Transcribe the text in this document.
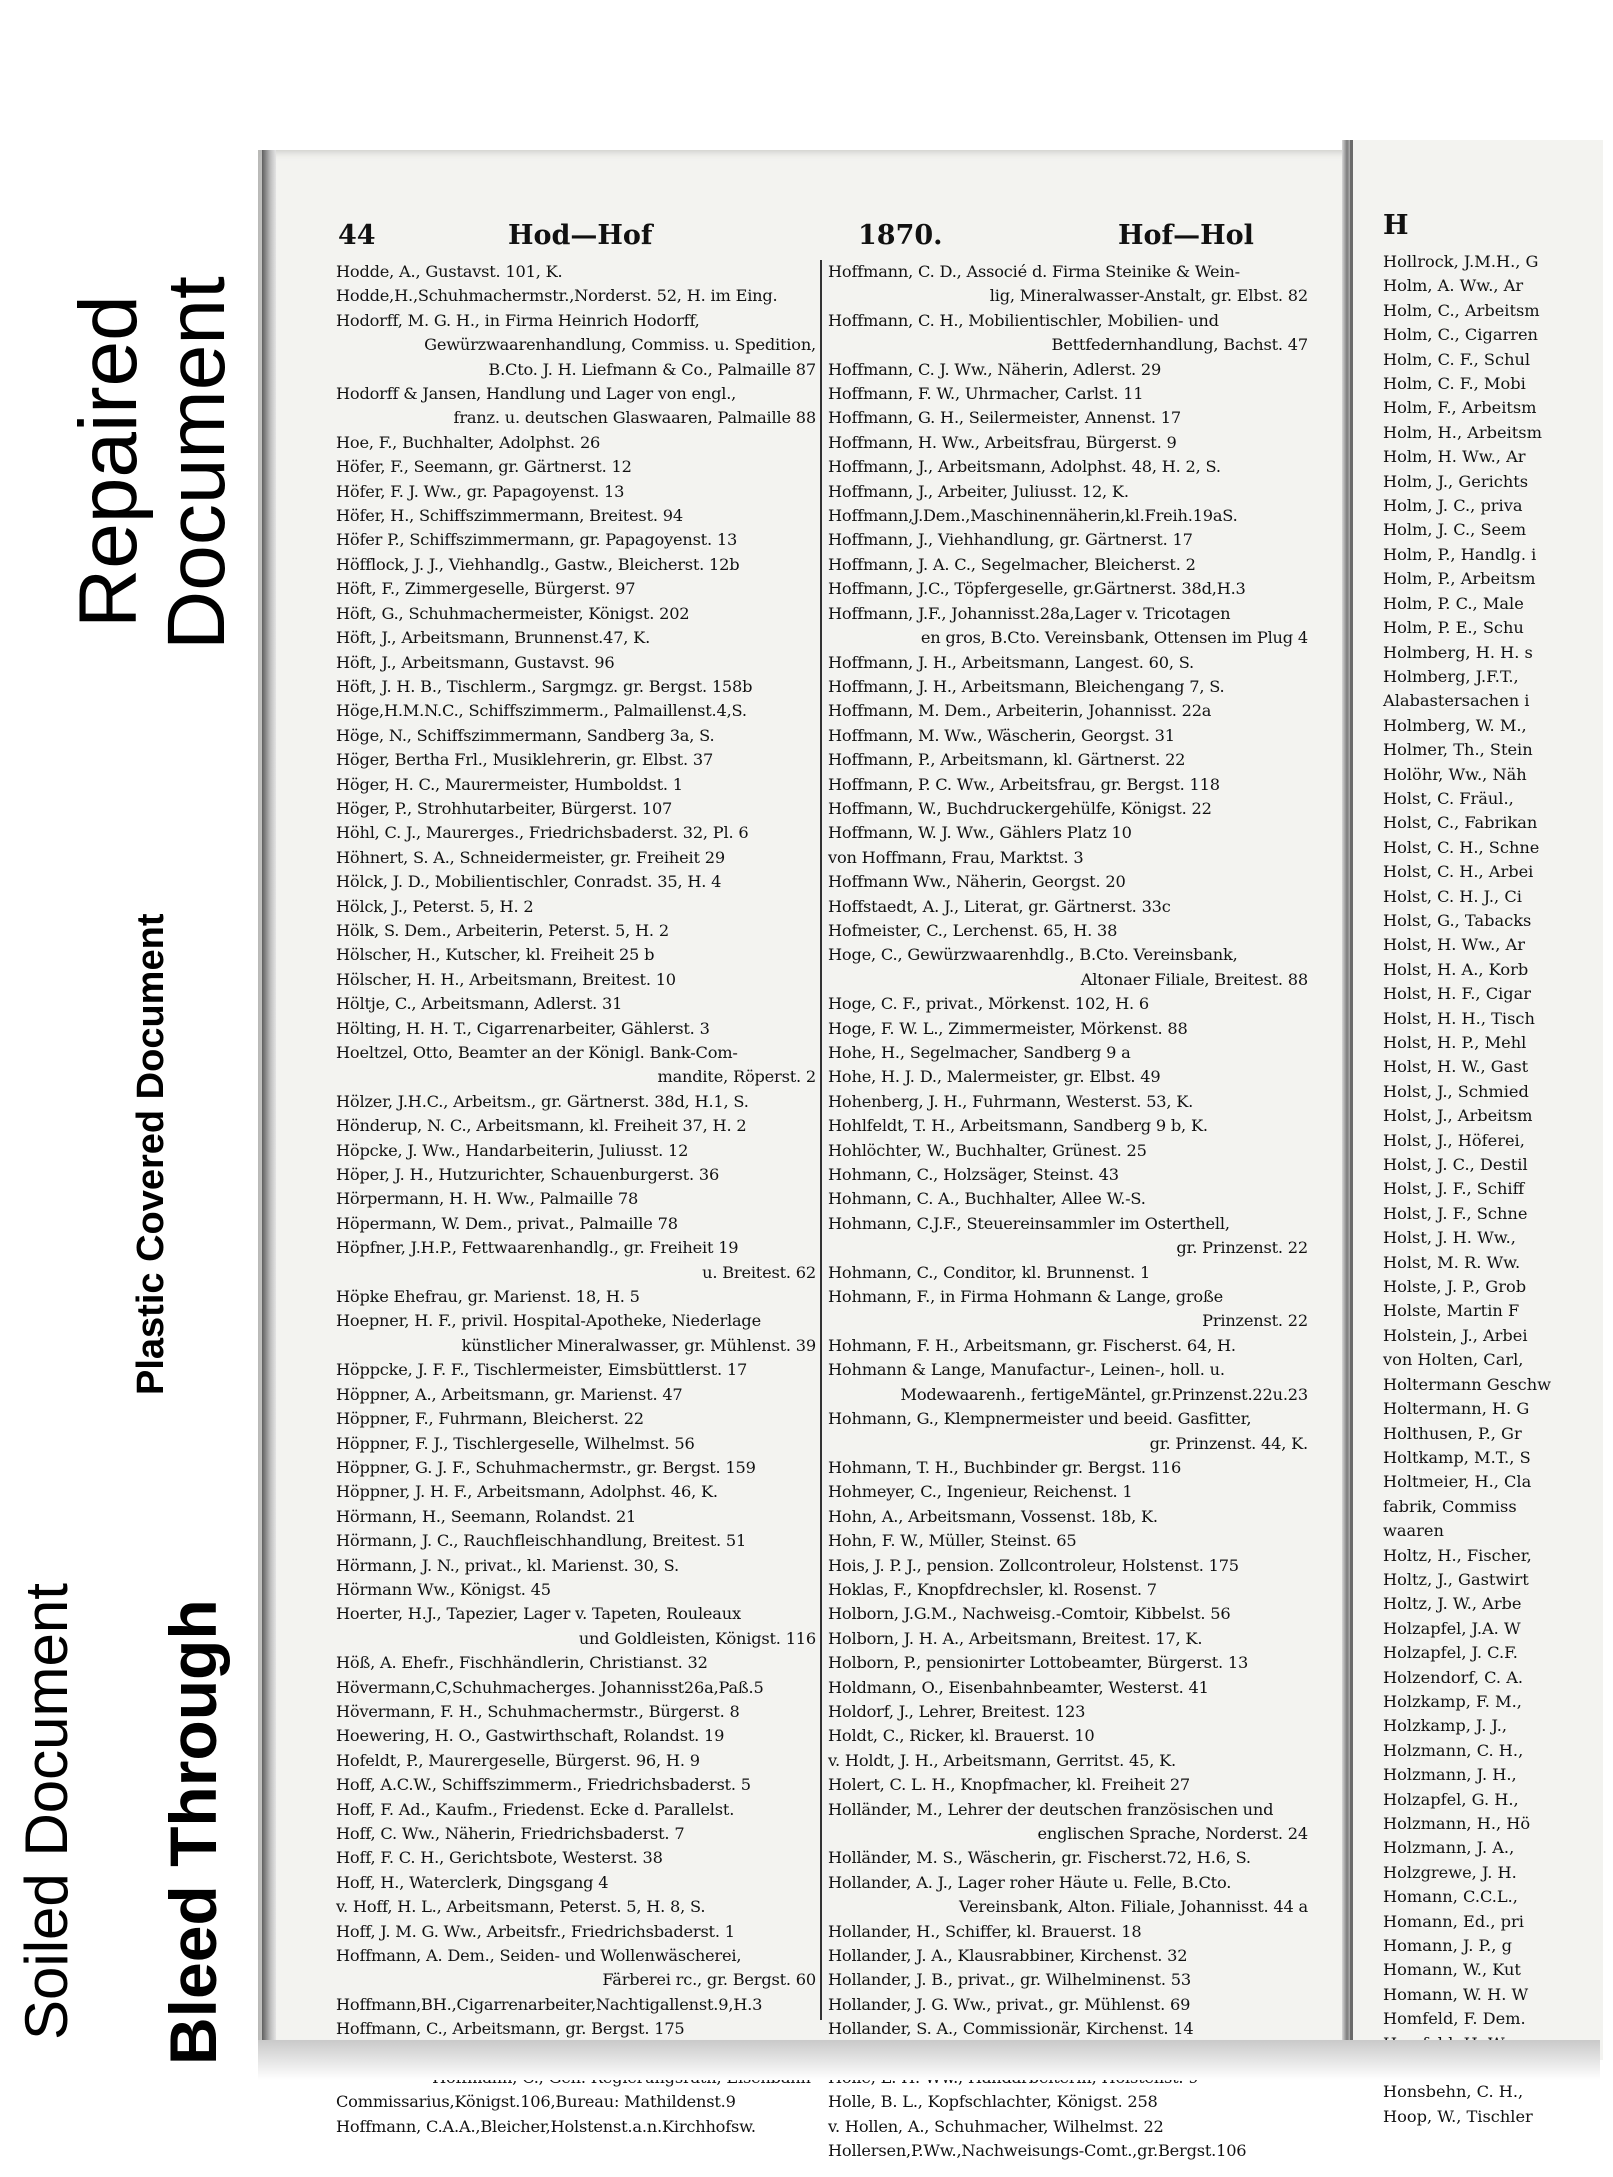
Soiled Document Bleed Through
Plastic Covered Document
Repaired
Document
44	Hod—Hof	1870.	Hof—Hol
Hodde, A., Gustavst. 101, K.
Hodde,H.,Schuhmachermstr.,Norderst. 52, H. im Eing.
Hodorff, M. G. H., in Firma Heinrich Hodorff,
Gewürzwaarenhandlung, Commiss. u. Spedition,
B.Cto. J. H. Liefmann & Co., Palmaille 87
Hodorff & Jansen, Handlung und Lager von engl.,
franz. u. deutschen Glaswaaren, Palmaille 88
Hoe, F., Buchhalter, Adolphst. 26
Höfer, F., Seemann, gr. Gärtnerst. 12
Höfer, F. J. Ww., gr. Papagoyenst. 13
Höfer, H., Schiffszimmermann, Breitest. 94
Höfer P., Schiffszimmermann, gr. Papagoyenst. 13
Höfflock, J. J., Viehhandlg., Gastw., Bleicherst. 12b
Höft, F., Zimmergeselle, Bürgerst. 97
Höft, G., Schuhmachermeister, Königst. 202
Höft, J., Arbeitsmann, Brunnenst.47, K.
Höft, J., Arbeitsmann, Gustavst. 96
Höft, J. H. B., Tischlerm., Sargmgz. gr. Bergst. 158b
Höge,H.M.N.C., Schiffszimmerm., Palmaillenst.4,S.
Höge, N., Schiffszimmermann, Sandberg 3a, S.
Höger, Bertha Frl., Musiklehrerin, gr. Elbst. 37
Höger, H. C., Maurermeister, Humboldst. 1
Höger, P., Strohhutarbeiter, Bürgerst. 107
Höhl, C. J., Maurerges., Friedrichsbaderst. 32, Pl. 6
Höhnert, S. A., Schneidermeister, gr. Freiheit 29
Hölck, J. D., Mobilientischler, Conradst. 35, H. 4
Hölck, J., Peterst. 5, H. 2
Hölk, S. Dem., Arbeiterin, Peterst. 5, H. 2
Hölscher, H., Kutscher, kl. Freiheit 25 b
Hölscher, H. H., Arbeitsmann, Breitest. 10
Höltje, C., Arbeitsmann, Adlerst. 31
Hölting, H. H. T., Cigarrenarbeiter, Gählerst. 3
Hoeltzel, Otto, Beamter an der Königl. Bank-Com-
mandite, Röperst. 2
Hölzer, J.H.C., Arbeitsm., gr. Gärtnerst. 38d, H.1, S.
Hönderup, N. C., Arbeitsmann, kl. Freiheit 37, H. 2
Höpcke, J. Ww., Handarbeiterin, Juliusst. 12
Höper, J. H., Hutzurichter, Schauenburgerst. 36
Hörpermann, H. H. Ww., Palmaille 78
Höpermann, W. Dem., privat., Palmaille 78
Höpfner, J.H.P., Fettwaarenhandlg., gr. Freiheit 19
u. Breitest. 62
Höpke Ehefrau, gr. Marienst. 18, H. 5
Hoepner, H. F., privil. Hospital-Apotheke, Niederlage
künstlicher Mineralwasser, gr. Mühlenst. 39
Höppcke, J. F. F., Tischlermeister, Eimsbüttlerst. 17
Höppner, A., Arbeitsmann, gr. Marienst. 47
Höppner, F., Fuhrmann, Bleicherst. 22
Höppner, F. J., Tischlergeselle, Wilhelmst. 56
Höppner, G. J. F., Schuhmachermstr., gr. Bergst. 159
Höppner, J. H. F., Arbeitsmann, Adolphst. 46, K.
Hörmann, H., Seemann, Rolandst. 21
Hörmann, J. C., Rauchfleischhandlung, Breitest. 51
Hörmann, J. N., privat., kl. Marienst. 30, S.
Hörmann Ww., Königst. 45
Hoerter, H.J., Tapezier, Lager v. Tapeten, Rouleaux
und Goldleisten, Königst. 116
Höß, A. Ehefr., Fischhändlerin, Christianst. 32
Hövermann,C,Schuhmacherges. Johannisst26a,Paß.5
Hövermann, F. H., Schuhmachermstr., Bürgerst. 8
Hoewering, H. O., Gastwirthschaft, Rolandst. 19
Hofeldt, P., Maurergeselle, Bürgerst. 96, H. 9
Hoff, A.C.W., Schiffszimmerm., Friedrichsbaderst. 5
Hoff, F. Ad., Kaufm., Friedenst. Ecke d. Parallelst.
Hoff, C. Ww., Näherin, Friedrichsbaderst. 7
Hoff, F. C. H., Gerichtsbote, Westerst. 38
Hoff, H., Waterclerk, Dingsgang 4
v. Hoff, H. L., Arbeitsmann, Peterst. 5, H. 8, S.
Hoff, J. M. G. Ww., Arbeitsfr., Friedrichsbaderst. 1
Hoffmann, A. Dem., Seiden- und Wollenwäscherei,
Färberei rc., gr. Bergst. 60
Hoffmann,BH.,Cigarrenarbeiter,Nachtigallenst.9,H.3
Hoffmann, C., Arbeitsmann, gr. Bergst. 175
Commissarius,Königst.106,Bureau: Mathildenst.9
Hoffmann, C.A.A.,Bleicher,Holstenst.a.n.Kirchhofsw.
Hoffmann, C. D., Associé d. Firma Steinike & Wein-
lig, Mineralwasser-Anstalt, gr. Elbst. 82
Hoffmann, C. H., Mobilientischler, Mobilien- und
Bettfedernhandlung, Bachst. 47
Hoffmann, C. J. Ww., Näherin, Adlerst. 29
Hoffmann, F. W., Uhrmacher, Carlst. 11
Hoffmann, G. H., Seilermeister, Annenst. 17
Hoffmann, H. Ww., Arbeitsfrau, Bürgerst. 9
Hoffmann, J., Arbeitsmann, Adolphst. 48, H. 2, S.
Hoffmann, J., Arbeiter, Juliusst. 12, K.
Hoffmann,J.Dem.,Maschinennäherin,kl.Freih.19aS.
Hoffmann, J., Viehhandlung, gr. Gärtnerst. 17
Hoffmann, J. A. C., Segelmacher, Bleicherst. 2
Hoffmann, J.C., Töpfergeselle, gr.Gärtnerst. 38d,H.3
Hoffmann, J.F., Johannisst.28a,Lager v. Tricotagen
en gros, B.Cto. Vereinsbank, Ottensen im Plug 4
Hoffmann, J. H., Arbeitsmann, Langest. 60, S.
Hoffmann, J. H., Arbeitsmann, Bleichengang 7, S.
Hoffmann, M. Dem., Arbeiterin, Johannisst. 22a
Hoffmann, M. Ww., Wäscherin, Georgst. 31
Hoffmann, P., Arbeitsmann, kl. Gärtnerst. 22
Hoffmann, P. C. Ww., Arbeitsfrau, gr. Bergst. 118
Hoffmann, W., Buchdruckergehülfe, Königst. 22
Hoffmann, W. J. Ww., Gählers Platz 10
von Hoffmann, Frau, Marktst. 3
Hoffmann Ww., Näherin, Georgst. 20
Hoffstaedt, A. J., Literat, gr. Gärtnerst. 33c
Hofmeister, C., Lerchenst. 65, H. 38
Hoge, C., Gewürzwaarenhdlg., B.Cto. Vereinsbank,
Altonaer Filiale, Breitest. 88
Hoge, C. F., privat., Mörkenst. 102, H. 6
Hoge, F. W. L., Zimmermeister, Mörkenst. 88
Hohe, H., Segelmacher, Sandberg 9 a
Hohe, H. J. D., Malermeister, gr. Elbst. 49
Hohenberg, J. H., Fuhrmann, Westerst. 53, K.
Hohlfeldt, T. H., Arbeitsmann, Sandberg 9 b, K.
Hohlöchter, W., Buchhalter, Grünest. 25
Hohmann, C., Holzsäger, Steinst. 43
Hohmann, C. A., Buchhalter, Allee W.-S.
Hohmann, C.J.F., Steuereinsammler im Osterthell,
gr. Prinzenst. 22
Hohmann, C., Conditor, kl. Brunnenst. 1
Hohmann, F., in Firma Hohmann & Lange, große
Prinzenst. 22
Hohmann, F. H., Arbeitsmann, gr. Fischerst. 64, H.
Hohmann & Lange, Manufactur-, Leinen-, holl. u.
Modewaarenh., fertigeMäntel, gr.Prinzenst.22u.23
Hohmann, G., Klempnermeister und beeid. Gasfitter,
gr. Prinzenst. 44, K.
Hohmann, T. H., Buchbinder gr. Bergst. 116
Hohmeyer, C., Ingenieur, Reichenst. 1
Hohn, A., Arbeitsmann, Vossenst. 18b, K.
Hohn, F. W., Müller, Steinst. 65
Hois, J. P. J., pension. Zollcontroleur, Holstenst. 175
Hoklas, F., Knopfdrechsler, kl. Rosenst. 7
Holborn, J.G.M., Nachweisg.-Comtoir, Kibbelst. 56
Holborn, J. H. A., Arbeitsmann, Breitest. 17, K.
Holborn, P., pensionirter Lottobeamter, Bürgerst. 13
Holdmann, O., Eisenbahnbeamter, Westerst. 41
Holdorf, J., Lehrer, Breitest. 123
Holdt, C., Ricker, kl. Brauerst. 10
v. Holdt, J. H., Arbeitsmann, Gerritst. 45, K.
Holert, C. L. H., Knopfmacher, kl. Freiheit 27
Holländer, M., Lehrer der deutschen französischen und
englischen Sprache, Norderst. 24
Holländer, M. S., Wäscherin, gr. Fischerst.72, H.6, S.
Hollander, A. J., Lager roher Häute u. Felle, B.Cto.
Vereinsbank, Alton. Filiale, Johannisst. 44 a
Hollander, H., Schiffer, kl. Brauerst. 18
Hollander, J. A., Klausrabbiner, Kirchenst. 32
Hollander, J. B., privat., gr. Wilhelminenst. 53
Hollander, J. G. Ww., privat., gr. Mühlenst. 69
Hollander, S. A., Commissionär, Kirchenst. 14
Holle, B. L., Kopfschlachter, Königst. 258
v. Hollen, A., Schuhmacher, Wilhelmst. 22
Hollersen,P.Ww.,Nachweisungs-Comt.,gr.Bergst.106
H
Hollrock, J.M.H., G
Holm, A. Ww., Ar
Holm, C., Arbeitsm
Holm, C., Cigarren
Holm, C. F., Schul
Holm, C. F., Mobi
Holm, F., Arbeitsm
Holm, H., Arbeitsm
Holm, H. Ww., Ar
Holm, J., Gerichts
Holm, J. C., priva
Holm, J. C., Seem
Holm, P., Handlg. i
Holm, P., Arbeitsm
Holm, P. C., Male
Holm, P. E., Schu
Holmberg, H. H. s
Holmberg, J.F.T.,
Alabastersachen i
Holmberg, W. M.,
Holmer, Th., Stein
Holöhr, Ww., Näh
Holst, C. Fräul.,
Holst, C., Fabrikan
Holst, C. H., Schne
Holst, C. H., Arbei
Holst, C. H. J., Ci
Holst, G., Tabacks
Holst, H. Ww., Ar
Holst, H. A., Korb
Holst, H. F., Cigar
Holst, H. H., Tisch
Holst, H. P., Mehl
Holst, H. W., Gast
Holst, J., Schmied
Holst, J., Arbeitsm
Holst, J., Höferei,
Holst, J. C., Destil
Holst, J. F., Schiff
Holst, J. F., Schne
Holst, J. H. Ww.,
Holst, M. R. Ww.
Holste, J. P., Grob
Holste, Martin F
Holstein, J., Arbei
von Holten, Carl,
Holtermann Geschw
Holtermann, H. G
Holthusen, P., Gr
Holtkamp, M.T., S
Holtmeier, H., Cla
fabrik, Commiss
waaren
Holtz, H., Fischer,
Holtz, J., Gastwirt
Holtz, J. W., Arbe
Holzapfel, J.A. W
Holzapfel, J. C.F.
Holzendorf, C. A.
Holzkamp, F. M.,
Holzkamp, J. J.,
Holzmann, C. H.,
Holzmann, J. H.,
Holzapfel, G. H.,
Holzmann, H., Hö
Holzmann, J. A.,
Holzgrewe, J. H.
Homann, C.C.L.,
Homann, Ed., pri
Homann, J. P., g
Homann, W., Kut
Homann, W. H. W
Homfeld, F. Dem.
Honsbehn, C. H.,
Hoop, W., Tischler
